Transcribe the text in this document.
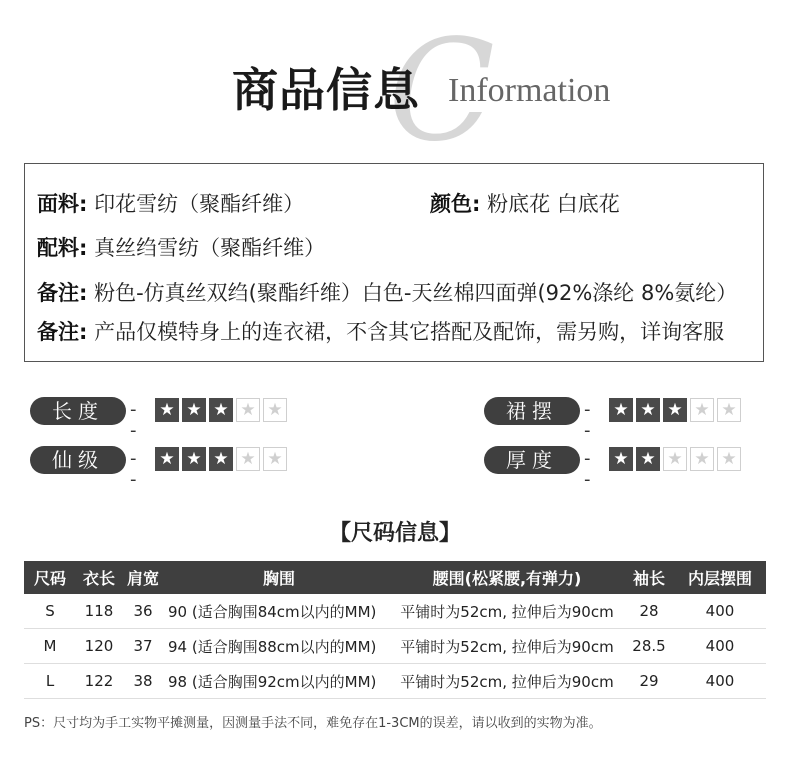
C
商品信息 Information
面料: 印花雪纺（聚酯纤维）	颜色: 粉底花 白底花
配料: 真丝绉雪纺（聚酯纤维）
备注: 粉色-仿真丝双绉(聚酯纤维）白色-天丝棉四面弹(92%涤纶 8%氨纶）
备注: 产品仅模特身上的连衣裙，不含其它搭配及配饰，需另购，详询客服
长度	--
★ ★ ★ ★ ★	裙摆	--
★ ★ ★ ★ ★
仙级	--
★ ★ ★ ★ ★	厚度	--
★ ★ ★ ★ ★
【尺码信息】
尺码	衣长	肩宽	胸围	腰围(松紧腰,有弹力)	袖长	内层摆围
S	118	36	90 (适合胸围84cm以内的MM)	平铺时为52cm, 拉伸后为90cm	28	400
M	120	37	94 (适合胸围88cm以内的MM)	平铺时为52cm, 拉伸后为90cm	28.5	400
L	122	38	98 (适合胸围92cm以内的MM)	平铺时为52cm, 拉伸后为90cm	29	400
PS：尺寸均为手工实物平摊测量，因测量手法不同，难免存在1-3CM的误差，请以收到的实物为准。
